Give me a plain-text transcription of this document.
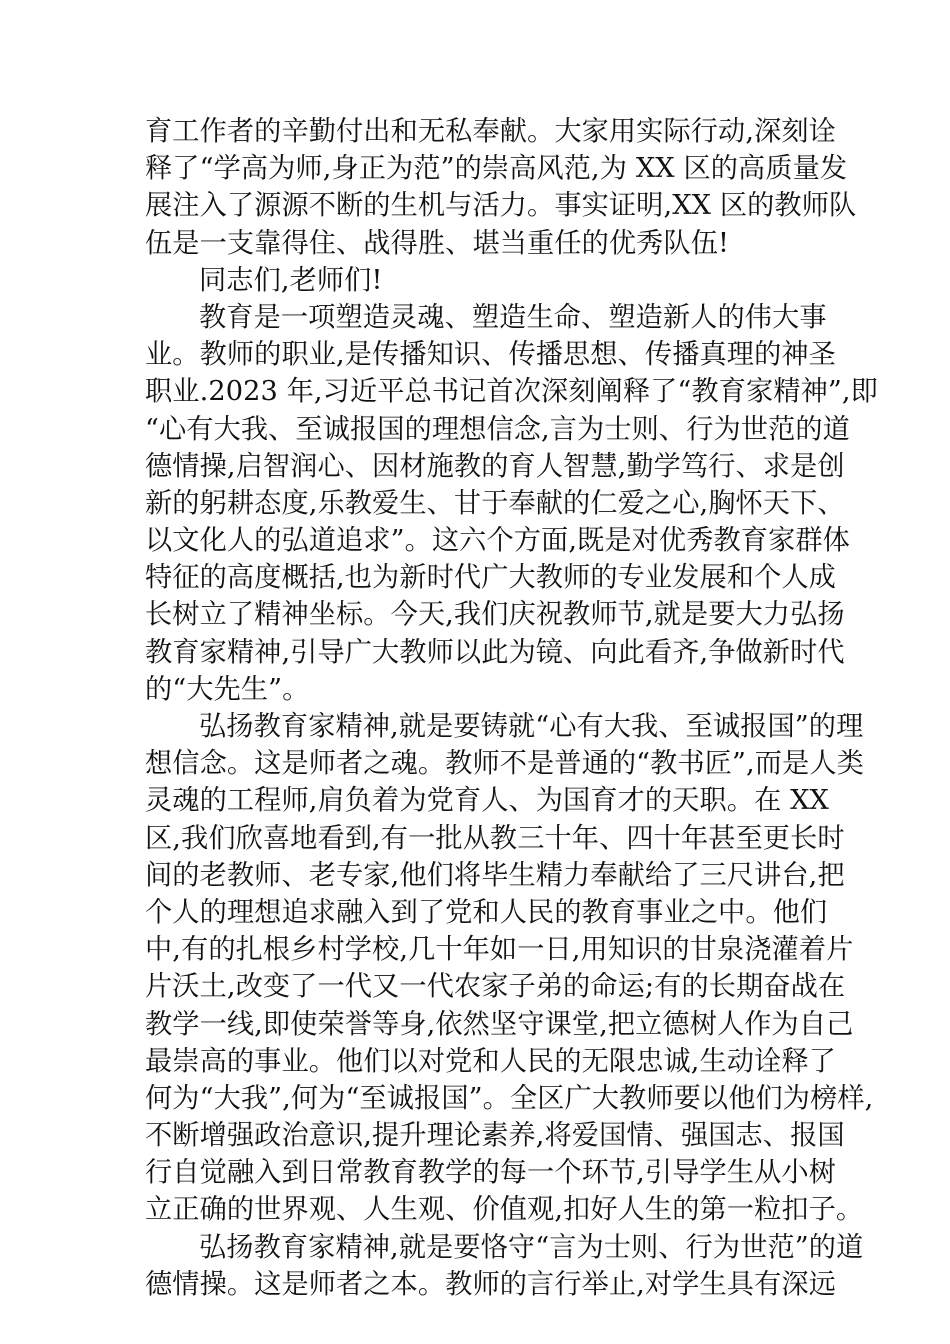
育工作者的辛勤付出和无私奉献。大家用实际行动,深刻诠
释了“学高为师,身正为范”的崇高风范,为 XX 区的高质量发
展注入了源源不断的生机与活力。事实证明,XX 区的教师队
伍是一支靠得住、战得胜、堪当重任的优秀队伍!
同志们,老师们!
教育是一项塑造灵魂、塑造生命、塑造新人的伟大事
业。教师的职业,是传播知识、传播思想、传播真理的神圣
职业.2023 年,习近平总书记首次深刻阐释了“教育家精神”,即
“心有大我、至诚报国的理想信念,言为士则、行为世范的道
德情操,启智润心、因材施教的育人智慧,勤学笃行、求是创
新的躬耕态度,乐教爱生、甘于奉献的仁爱之心,胸怀天下、
以文化人的弘道追求”。这六个方面,既是对优秀教育家群体
特征的高度概括,也为新时代广大教师的专业发展和个人成
长树立了精神坐标。今天,我们庆祝教师节,就是要大力弘扬
教育家精神,引导广大教师以此为镜、向此看齐,争做新时代
的“大先生”。
弘扬教育家精神,就是要铸就“心有大我、至诚报国”的理
想信念。这是师者之魂。教师不是普通的“教书匠”,而是人类
灵魂的工程师,肩负着为党育人、为国育才的天职。在 XX
区,我们欣喜地看到,有一批从教三十年、四十年甚至更长时
间的老教师、老专家,他们将毕生精力奉献给了三尺讲台,把
个人的理想追求融入到了党和人民的教育事业之中。他们
中,有的扎根乡村学校,几十年如一日,用知识的甘泉浇灌着片
片沃土,改变了一代又一代农家子弟的命运;有的长期奋战在
教学一线,即使荣誉等身,依然坚守课堂,把立德树人作为自己
最崇高的事业。他们以对党和人民的无限忠诚,生动诠释了
何为“大我”,何为“至诚报国”。全区广大教师要以他们为榜样,
不断增强政治意识,提升理论素养,将爱国情、强国志、报国
行自觉融入到日常教育教学的每一个环节,引导学生从小树
立正确的世界观、人生观、价值观,扣好人生的第一粒扣子。
弘扬教育家精神,就是要恪守“言为士则、行为世范”的道
德情操。这是师者之本。教师的言行举止,对学生具有深远
